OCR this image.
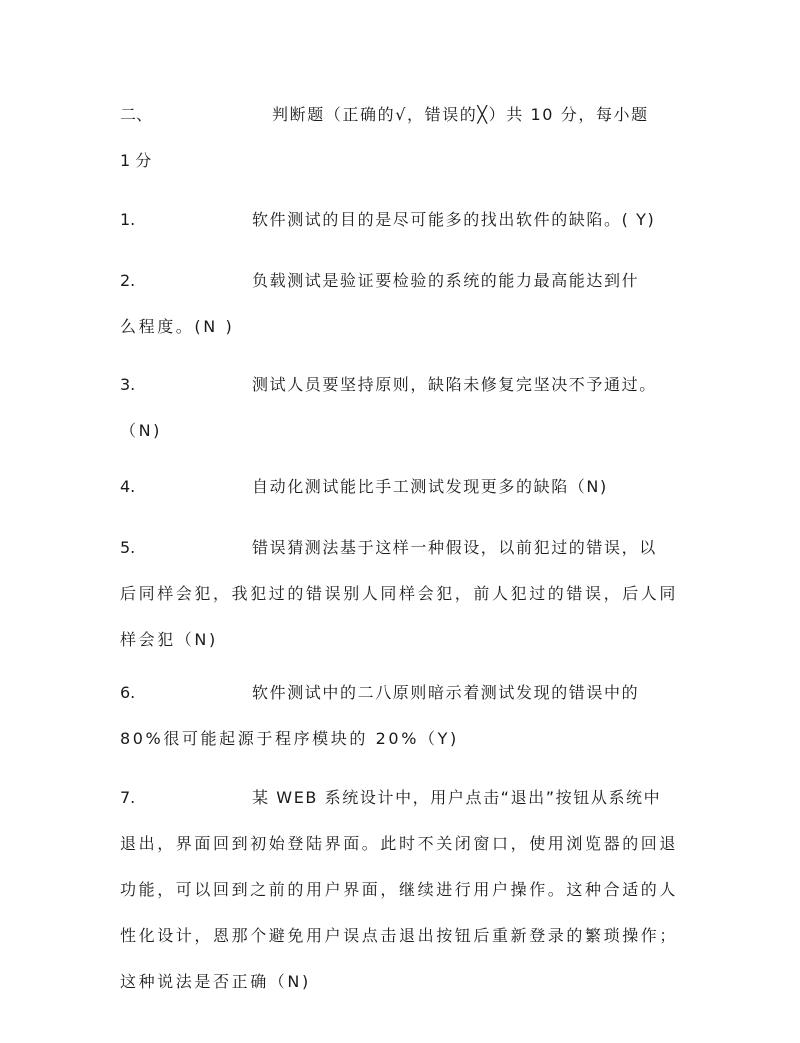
二、	判断题（正确的√，错误的╳）共 10 分，每小题
1 分
1.	软件测试的目的是尽可能多的找出软件的缺陷。( Y)
2.	负载测试是验证要检验的系统的能力最高能达到什
么程度。(N )
3.	测试人员要坚持原则，缺陷未修复完坚决不予通过。
（N)
4.	自动化测试能比手工测试发现更多的缺陷（N)
5.	错误猜测法基于这样一种假设，以前犯过的错误，以
后同样会犯，我犯过的错误别人同样会犯，前人犯过的错误，后人同
样会犯（N)
6.	软件测试中的二八原则暗示着测试发现的错误中的
80%很可能起源于程序模块的 20%（Y)
7.	某 WEB 系统设计中，用户点击“退出”按钮从系统中
退出，界面回到初始登陆界面。此时不关闭窗口，使用浏览器的回退
功能，可以回到之前的用户界面，继续进行用户操作。这种合适的人
性化设计，恩那个避免用户误点击退出按钮后重新登录的繁琐操作；
这种说法是否正确（N)
